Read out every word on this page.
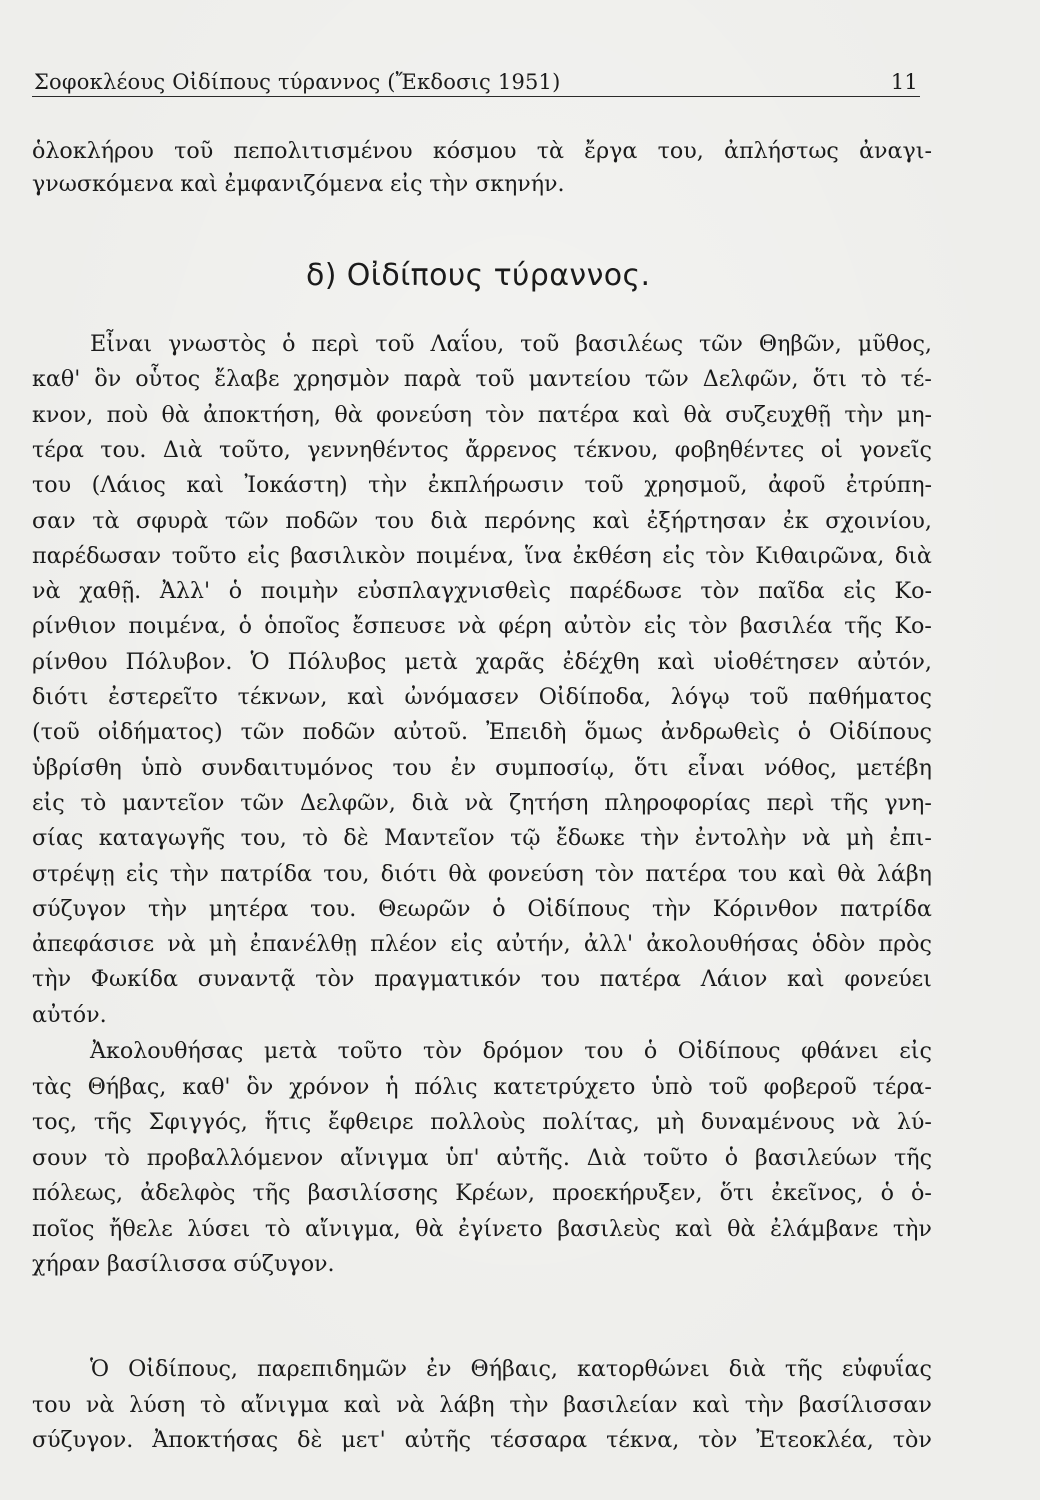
Σοφοκλέους Οἰδίπους τύραννος (Ἔκδοσις 1951)	11
ὁλοκλήρου τοῦ πεπολιτισμένου κόσμου τὰ ἔργα του, ἀπλήστως ἀναγι-
γνωσκόμενα καὶ ἐμφανιζόμενα εἰς τὴν σκηνήν.
δ) Οἰδίπους τύραννος.
Εἶναι γνωστὸς ὁ περὶ τοῦ Λαΐου, τοῦ βασιλέως τῶν Θηβῶν, μῦθος,
καθ' ὃν οὗτος ἔλαβε χρησμὸν παρὰ τοῦ μαντείου τῶν Δελφῶν, ὅτι τὸ τέ-
κνον, ποὺ θὰ ἀποκτήση, θὰ φονεύση τὸν πατέρα καὶ θὰ συζευχθῇ τὴν μη-
τέρα του. Διὰ τοῦτο, γεννηθέντος ἄρρενος τέκνου, φοβηθέντες οἱ γονεῖς
του (Λάιος καὶ Ἰοκάστη) τὴν ἐκπλήρωσιν τοῦ χρησμοῦ, ἀφοῦ ἐτρύπη-
σαν τὰ σφυρὰ τῶν ποδῶν του διὰ περόνης καὶ ἐξήρτησαν ἐκ σχοινίου,
παρέδωσαν τοῦτο εἰς βασιλικὸν ποιμένα, ἵνα ἐκθέση εἰς τὸν Κιθαιρῶνα, διὰ
νὰ χαθῇ. Ἀλλ' ὁ ποιμὴν εὐσπλαγχνισθεὶς παρέδωσε τὸν παῖδα εἰς Κο-
ρίνθιον ποιμένα, ὁ ὁποῖος ἔσπευσε νὰ φέρη αὐτὸν εἰς τὸν βασιλέα τῆς Κο-
ρίνθου Πόλυβον. Ὁ Πόλυβος μετὰ χαρᾶς ἐδέχθη καὶ υἱοθέτησεν αὐτόν,
διότι ἐστερεῖτο τέκνων, καὶ ὠνόμασεν Οἰδίποδα, λόγῳ τοῦ παθήματος
(τοῦ οἰδήματος) τῶν ποδῶν αὐτοῦ. Ἐπειδὴ ὅμως ἀνδρωθεὶς ὁ Οἰδίπους
ὑβρίσθη ὑπὸ συνδαιτυμόνος του ἐν συμποσίῳ, ὅτι εἶναι νόθος, μετέβη
εἰς τὸ μαντεῖον τῶν Δελφῶν, διὰ νὰ ζητήση πληροφορίας περὶ τῆς γνη-
σίας καταγωγῆς του, τὸ δὲ Μαντεῖον τῷ ἔδωκε τὴν ἐντολὴν νὰ μὴ ἐπι-
στρέψῃ εἰς τὴν πατρίδα του, διότι θὰ φονεύση τὸν πατέρα του καὶ θὰ λάβη
σύζυγον τὴν μητέρα του. Θεωρῶν ὁ Οἰδίπους τὴν Κόρινθον πατρίδα
ἀπεφάσισε νὰ μὴ ἐπανέλθῃ πλέον εἰς αὐτήν, ἀλλ' ἀκολουθήσας ὁδὸν πρὸς
τὴν Φωκίδα συναντᾷ τὸν πραγματικόν του πατέρα Λάιον καὶ φονεύει
αὐτόν.
Ἀκολουθήσας μετὰ τοῦτο τὸν δρόμον του ὁ Οἰδίπους φθάνει εἰς
τὰς Θήβας, καθ' ὃν χρόνον ἡ πόλις κατετρύχετο ὑπὸ τοῦ φοβεροῦ τέρα-
τος, τῆς Σφιγγός, ἥτις ἔφθειρε πολλοὺς πολίτας, μὴ δυναμένους νὰ λύ-
σουν τὸ προβαλλόμενον αἴνιγμα ὑπ' αὐτῆς. Διὰ τοῦτο ὁ βασιλεύων τῆς
πόλεως, ἀδελφὸς τῆς βασιλίσσης Κρέων, προεκήρυξεν, ὅτι ἐκεῖνος, ὁ ὁ-
ποῖος ἤθελε λύσει τὸ αἴνιγμα, θὰ ἐγίνετο βασιλεὺς καὶ θὰ ἐλάμβανε τὴν
χήραν βασίλισσα σύζυγον.
Ὁ Οἰδίπους, παρεπιδημῶν ἐν Θήβαις, κατορθώνει διὰ τῆς εὐφυΐας
του νὰ λύση τὸ αἴνιγμα καὶ νὰ λάβη τὴν βασιλείαν καὶ τὴν βασίλισσαν
σύζυγον. Ἀποκτήσας δὲ μετ' αὐτῆς τέσσαρα τέκνα, τὸν Ἐτεοκλέα, τὸν
